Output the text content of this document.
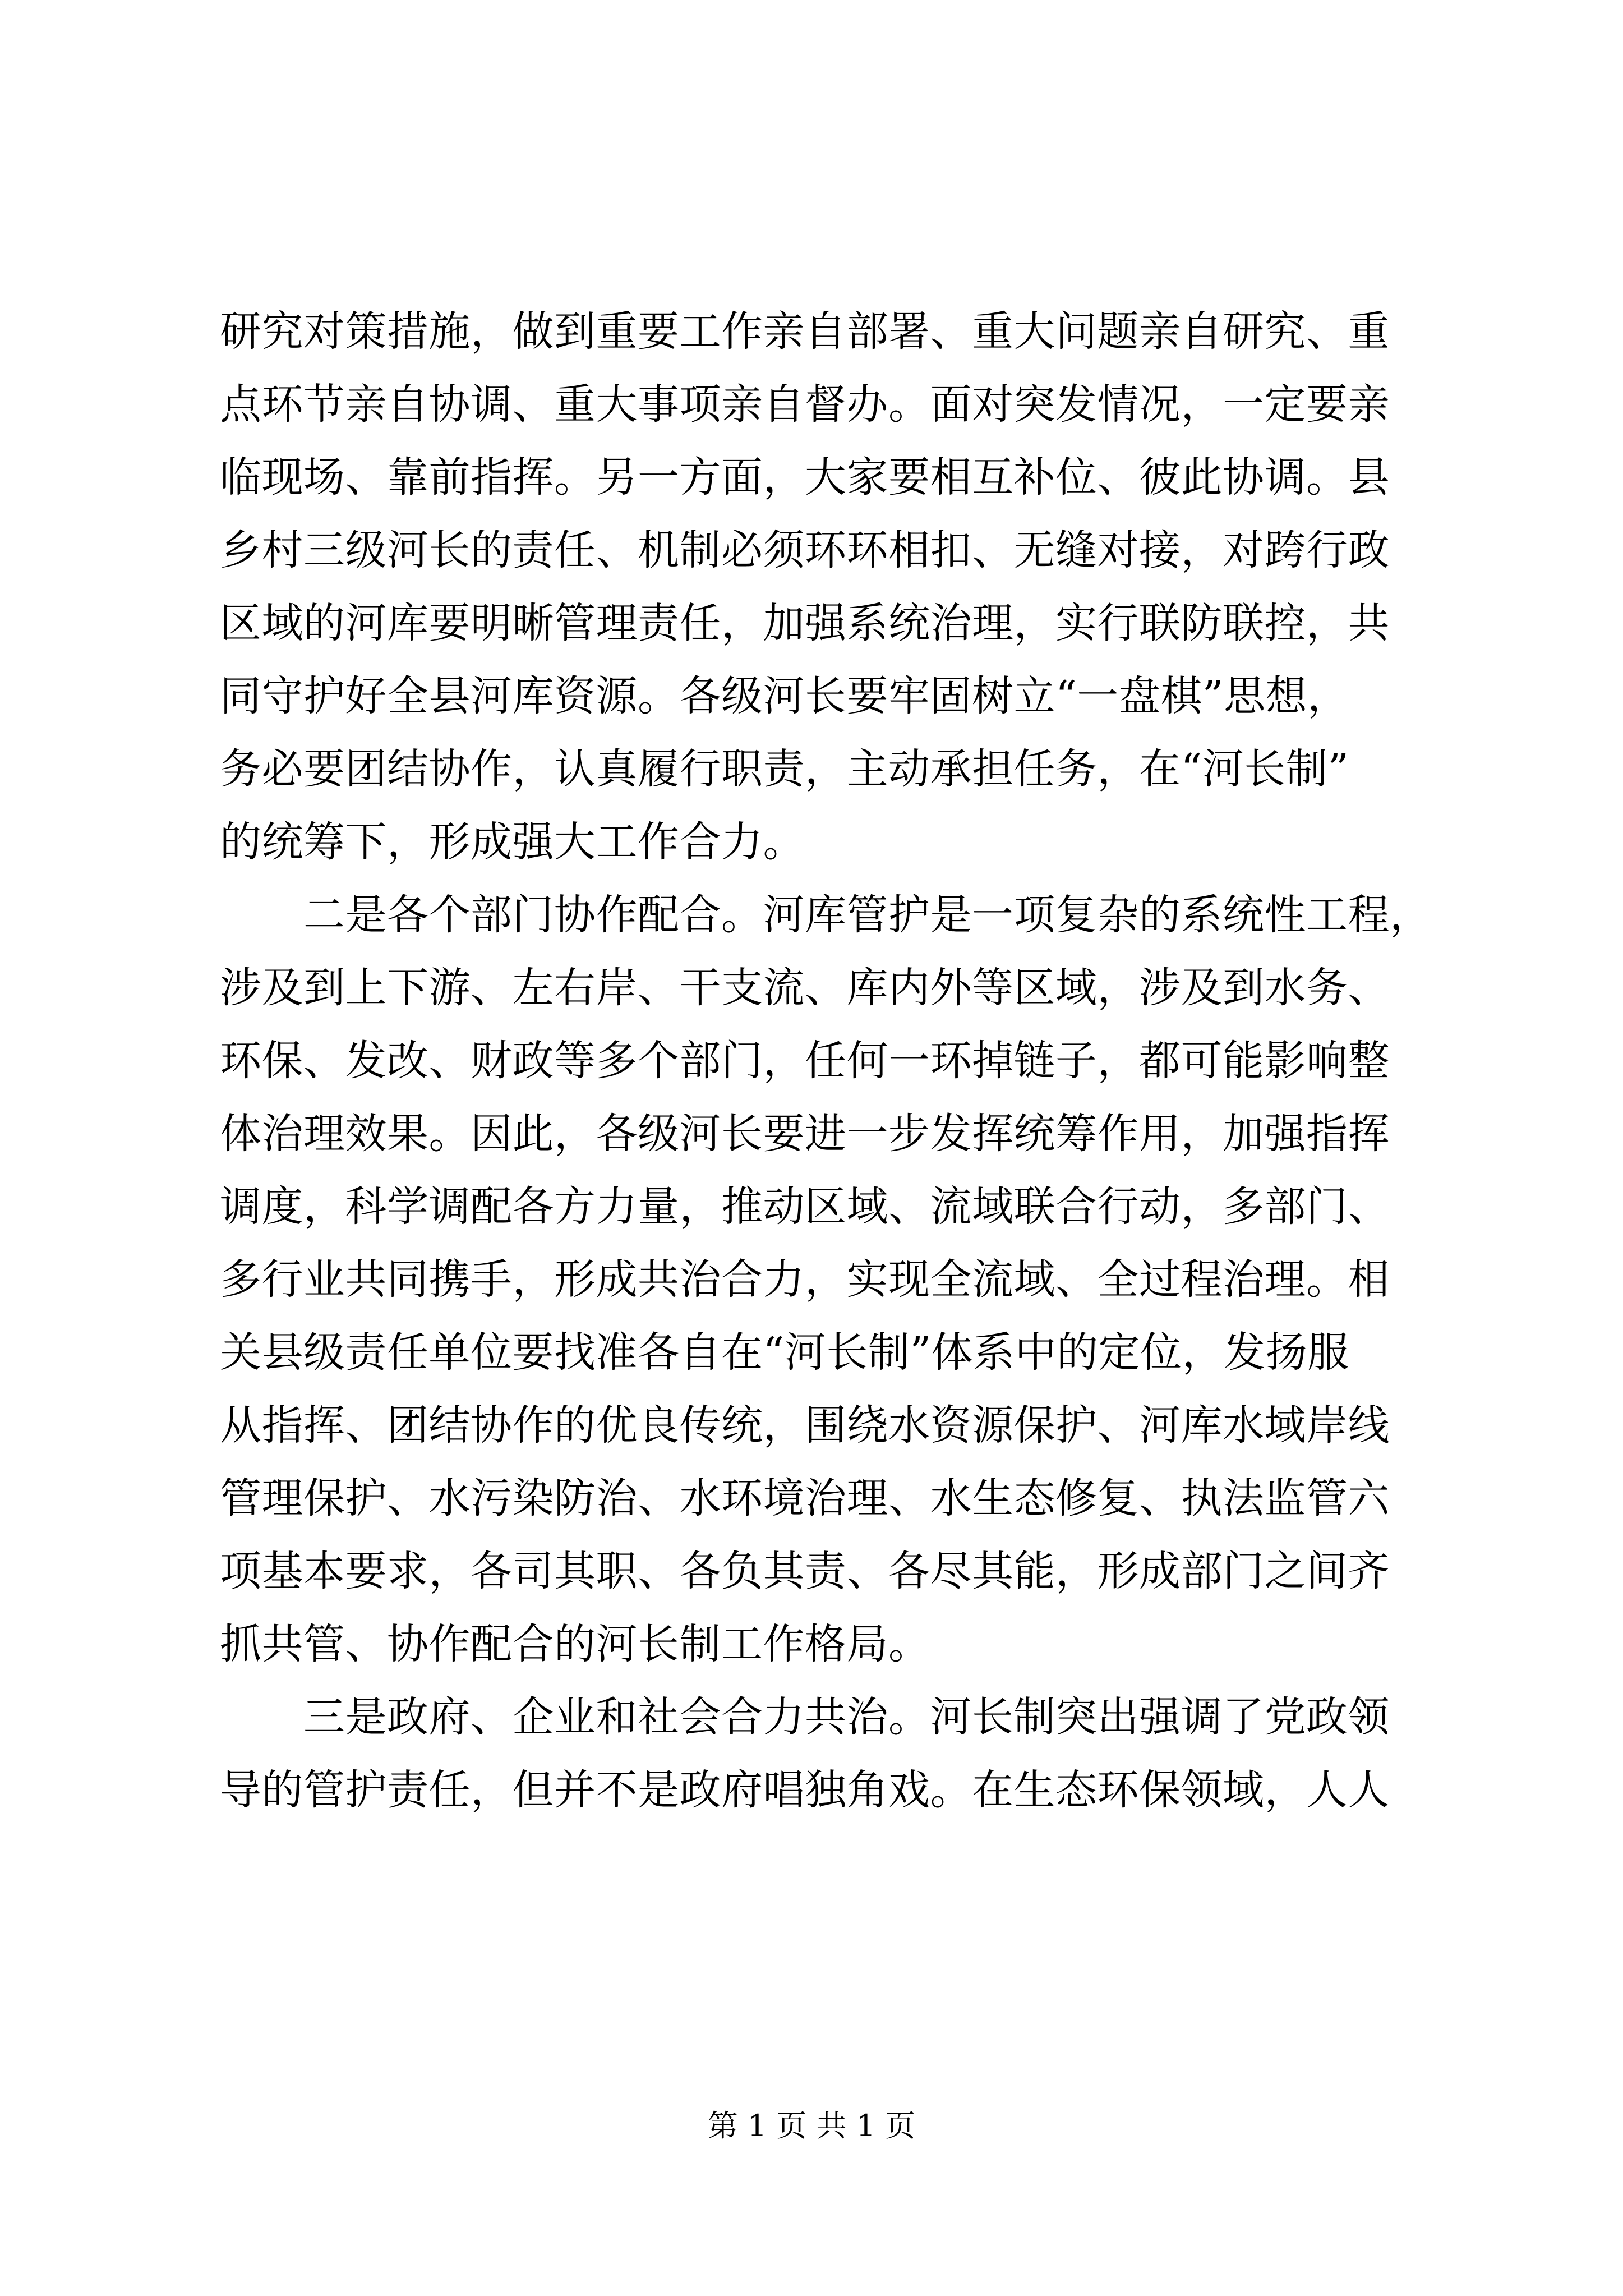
研究对策措施，做到重要工作亲自部署、重大问题亲自研究、重
点环节亲自协调、重大事项亲自督办。面对突发情况，一定要亲
临现场、靠前指挥。另一方面，大家要相互补位、彼此协调。县
乡村三级河长的责任、机制必须环环相扣、无缝对接，对跨行政
区域的河库要明晰管理责任，加强系统治理，实行联防联控，共
同守护好全县河库资源。各级河长要牢固树立“一盘棋”思想，
务必要团结协作，认真履行职责，主动承担任务，在“河长制”
的统筹下，形成强大工作合力。
　　二是各个部门协作配合。河库管护是一项复杂的系统性工程，
涉及到上下游、左右岸、干支流、库内外等区域，涉及到水务、
环保、发改、财政等多个部门，任何一环掉链子，都可能影响整
体治理效果。因此，各级河长要进一步发挥统筹作用，加强指挥
调度，科学调配各方力量，推动区域、流域联合行动，多部门、
多行业共同携手，形成共治合力，实现全流域、全过程治理。相
关县级责任单位要找准各自在“河长制”体系中的定位，发扬服
从指挥、团结协作的优良传统，围绕水资源保护、河库水域岸线
管理保护、水污染防治、水环境治理、水生态修复、执法监管六
项基本要求，各司其职、各负其责、各尽其能，形成部门之间齐
抓共管、协作配合的河长制工作格局。
　　三是政府、企业和社会合力共治。河长制突出强调了党政领
导的管护责任，但并不是政府唱独角戏。在生态环保领域，人人
第 1 页 共 1 页
